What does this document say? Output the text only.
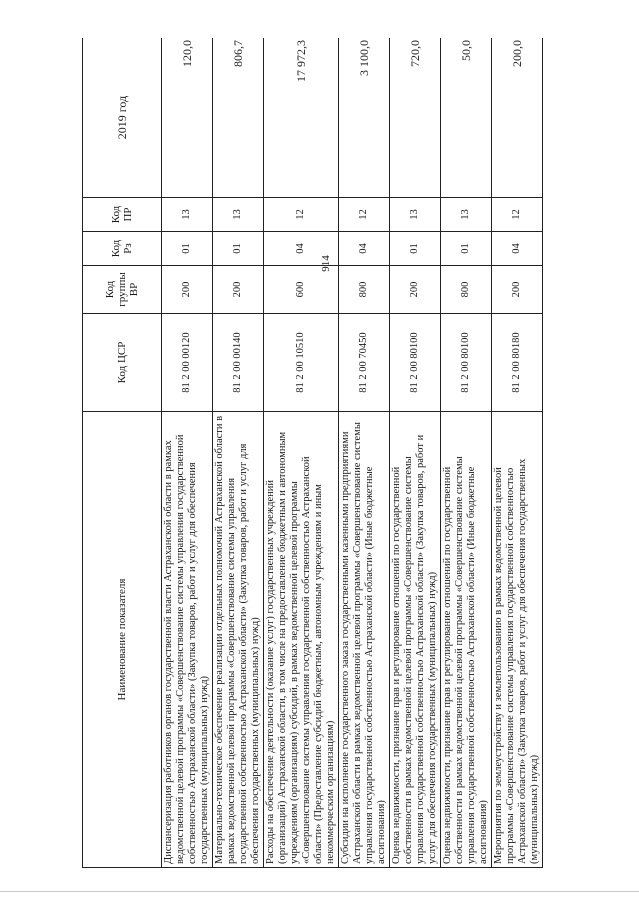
914
Наименование показателя	Код ЦСР	Код группы ВР	Код Рз	Код ПР	2019 год
Диспансеризация работников органов государственной власти Астраханской области в рамках ведомственной целевой программы «Совершенствование системы управления государственной собственностью Астраханской области» (Закупка товаров, работ и услуг для обеспечения государственных (муниципальных) нужд)	81 2 00 00120	200	01	13	120,0
Материально-техническое обеспечение реализации отдельных полномочий Астраханской области в рамках ведомственной целевой программы «Совершенствование системы управления государственной собственностью Астраханской области» (Закупка товаров, работ и услуг для обеспечения государственных (муниципальных) нужд)	81 2 00 00140	200	01	13	806,7
Расходы на обеспечение деятельности (оказание услуг) государственных учреждений (организаций) Астраханской области, в том числе на предоставление бюджетным и автономным учреждениям (организациям) субсидий, в рамках ведомственной целевой программы «Совершенствование системы управления государственной собственностью Астраханской области» (Предоставление субсидий бюджетным, автономным учреждениям и иным некоммерческим организациям)	81 2 00 10510	600	04	12	17 972,3
Субсидии на исполнение государственного заказа государственными казенными предприятиями Астраханской области в рамках ведомственной целевой программы «Совершенствование системы управления государственной собственностью Астраханской области» (Иные бюджетные ассигнования)	81 2 00 70450	800	04	12	3 100,0
Оценка недвижимости, признание прав и регулирование отношений по государственной собственности в рамках ведомственной целевой программы «Совершенствование системы управления государственной собственностью Астраханской области» (Закупка товаров, работ и услуг для обеспечения государственных (муниципальных) нужд)	81 2 00 80100	200	01	13	720,0
Оценка недвижимости, признание прав и регулирование отношений по государственной собственности в рамках ведомственной целевой программы «Совершенствование системы управления государственной собственностью Астраханской области» (Иные бюджетные ассигнования)	81 2 00 80100	800	01	13	50,0
Мероприятия по землеустройству и землепользованию в рамках ведомственной целевой программы «Совершенствование системы управления государственной собственностью Астраханской области» (Закупка товаров, работ и услуг для обеспечения государственных (муниципальных) нужд)	81 2 00 80180	200	04	12	200,0
